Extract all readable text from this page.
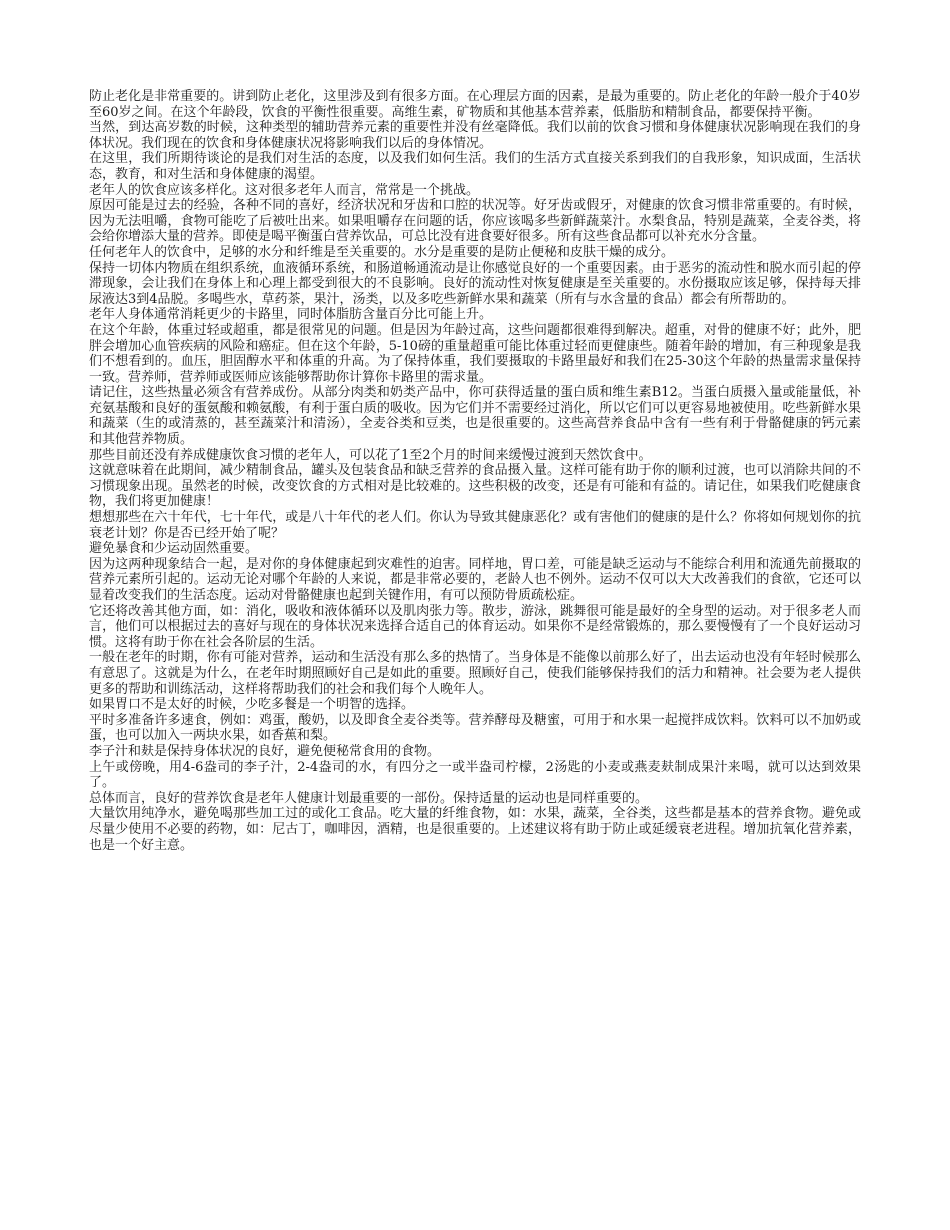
防止老化是非常重要的。讲到防止老化，这里涉及到有很多方面。在心理层方面的因素，是最为重要的。防止老化的年龄一般介于40岁至60岁之间。在这个年龄段，饮食的平衡性很重要。高维生素，矿物质和其他基本营养素，低脂肪和精制食品，都要保持平衡。

当然，到达高岁数的时候，这种类型的辅助营养元素的重要性并没有丝毫降低。我们以前的饮食习惯和身体健康状况影响现在我们的身体状况。我们现在的饮食和身体健康状况将影响我们以后的身体情况。

在这里，我们所期待谈论的是我们对生活的态度，以及我们如何生活。我们的生活方式直接关系到我们的自我形象，知识成面，生活状态，教育，和对生活和身体健康的渴望。

老年人的饮食应该多样化。这对很多老年人而言，常常是一个挑战。

原因可能是过去的经验，各种不同的喜好，经济状况和牙齿和口腔的状况等。好牙齿或假牙，对健康的饮食习惯非常重要的。有时候，因为无法咀嚼，食物可能吃了后被吐出来。如果咀嚼存在问题的话，你应该喝多些新鲜蔬菜汁。水梨食品，特别是蔬菜，全麦谷类，将会给你增添大量的营养。即使是喝平衡蛋白营养饮品，可总比没有进食要好很多。所有这些食品都可以补充水分含量。

任何老年人的饮食中，足够的水分和纤维是至关重要的。水分是重要的是防止便秘和皮肤干燥的成分。

保持一切体内物质在组织系统，血液循环系统，和肠道畅通流动是让你感觉良好的一个重要因素。由于恶劣的流动性和脱水而引起的停滞现象，会让我们在身体上和心理上都受到很大的不良影响。良好的流动性对恢复健康是至关重要的。水份摄取应该足够，保持每天排尿液达3到4品脱。多喝些水，草药茶，果汁，汤类，以及多吃些新鲜水果和蔬菜（所有与水含量的食品）都会有所帮助的。

老年人身体通常消耗更少的卡路里，同时体脂肪含量百分比可能上升。

在这个年龄，体重过轻或超重，都是很常见的问题。但是因为年龄过高，这些问题都很难得到解决。超重，对骨的健康不好；此外，肥胖会增加心血管疾病的风险和癌症。但在这个年龄，5-10磅的重量超重可能比体重过轻而更健康些。随着年龄的增加，有三种现象是我们不想看到的。血压，胆固醇水平和体重的升高。为了保持体重，我们要摄取的卡路里最好和我们在25-30这个年龄的热量需求量保持一致。营养师，营养师或医师应该能够帮助你计算你卡路里的需求量。

请记住，这些热量必须含有营养成份。从部分肉类和奶类产品中，你可获得适量的蛋白质和维生素B12。当蛋白质摄入量或能量低，补充氨基酸和良好的蛋氨酸和赖氨酸，有利于蛋白质的吸收。因为它们并不需要经过消化，所以它们可以更容易地被使用。吃些新鲜水果和蔬菜（生的或清蒸的，甚至蔬菜汁和清汤），全麦谷类和豆类，也是很重要的。这些高营养食品中含有一些有利于骨骼健康的钙元素和其他营养物质。

那些目前还没有养成健康饮食习惯的老年人，可以花了1至2个月的时间来缓慢过渡到天然饮食中。

这就意味着在此期间，减少精制食品，罐头及包装食品和缺乏营养的食品摄入量。这样可能有助于你的顺利过渡，也可以消除共间的不习惯现象出现。虽然老的时候，改变饮食的方式相对是比较难的。这些积极的改变，还是有可能和有益的。请记住，如果我们吃健康食物，我们将更加健康！

想想那些在六十年代，七十年代，或是八十年代的老人们。你认为导致其健康恶化？或有害他们的健康的是什么？你将如何规划你的抗衰老计划？你是否已经开始了呢？

避免暴食和少运动固然重要。

因为这两种现象结合一起，是对你的身体健康起到灾难性的迫害。同样地，胃口差，可能是缺乏运动与不能综合利用和流通先前摄取的营养元素所引起的。运动无论对哪个年龄的人来说，都是非常必要的，老龄人也不例外。运动不仅可以大大改善我们的食欲，它还可以显着改变我们的生活态度。运动对骨骼健康也起到关键作用，有可以预防骨质疏松症。

它还将改善其他方面，如：消化，吸收和液体循环以及肌肉张力等。散步，游泳，跳舞很可能是最好的全身型的运动。对于很多老人而言，他们可以根据过去的喜好与现在的身体状况来选择合适自己的体育运动。如果你不是经常锻炼的，那么要慢慢有了一个良好运动习惯。这将有助于你在社会各阶层的生活。

一般在老年的时期，你有可能对营养，运动和生活没有那么多的热情了。当身体是不能像以前那么好了，出去运动也没有年轻时候那么有意思了。这就是为什么，在老年时期照顾好自己是如此的重要。照顾好自己，使我们能够保持我们的活力和精神。社会要为老人提供更多的帮助和训练活动，这样将帮助我们的社会和我们每个人晚年人。

如果胃口不是太好的时候，少吃多餐是一个明智的选择。

平时多准备许多速食，例如：鸡蛋，酸奶，以及即食全麦谷类等。营养酵母及糖蜜，可用于和水果一起搅拌成饮料。饮料可以不加奶或蛋，也可以加入一两块水果，如香蕉和梨。

李子汁和麸是保持身体状况的良好，避免便秘常食用的食物。

上午或傍晚，用4-6盎司的李子汁，2-4盎司的水，有四分之一或半盎司柠檬，2汤匙的小麦或燕麦麸制成果汁来喝，就可以达到效果了。

总体而言，良好的营养饮食是老年人健康计划最重要的一部份。保持适量的运动也是同样重要的。

大量饮用纯净水，避免喝那些加工过的或化工食品。吃大量的纤维食物，如：水果，蔬菜，全谷类，这些都是基本的营养食物。避免或尽量少使用不必要的药物，如：尼古丁，咖啡因，酒精，也是很重要的。上述建议将有助于防止或延缓衰老进程。增加抗氧化营养素，也是一个好主意。
